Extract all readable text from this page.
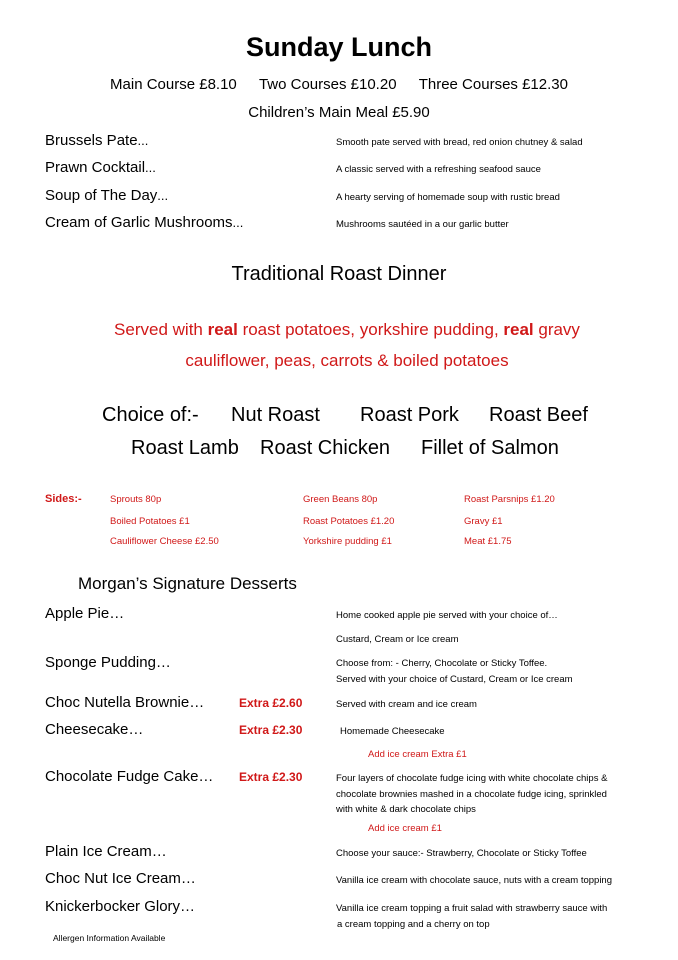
Sunday Lunch
Main Course £8.10 Two Courses £10.20 Three Courses £12.30
Children’s Main Meal £5.90
Brussels Pate...	Smooth pate served with bread, red onion chutney & salad
Prawn Cocktail...	A classic served with a refreshing seafood sauce
Soup of The Day...	A hearty serving of homemade soup with rustic bread
Cream of Garlic Mushrooms...	Mushrooms sautéed in a our garlic butter
Traditional Roast Dinner
Served with real roast potatoes, yorkshire pudding, real gravy
cauliflower, peas, carrots & boiled potatoes
Choice of:- Nut Roast Roast Pork Roast Beef
Roast Lamb Roast Chicken Fillet of Salmon
Sides:-	Sprouts 80p	Green Beans 80p	Roast Parsnips £1.20
Boiled Potatoes £1	Roast Potatoes £1.20	Gravy £1
Cauliflower Cheese £2.50	Yorkshire pudding £1	Meat £1.75
Morgan’s Signature Desserts
Apple Pie…	Home cooked apple pie served with your choice of…
Custard, Cream or Ice cream
Sponge Pudding…	Choose from: - Cherry, Chocolate or Sticky Toffee.
Served with your choice of Custard, Cream or Ice cream
Choc Nutella Brownie…	Extra £2.60	Served with cream and ice cream
Cheesecake…	Extra £2.30	Homemade Cheesecake
Add ice cream Extra £1
Chocolate Fudge Cake… Extra £2.30	Four layers of chocolate fudge icing with white chocolate chips &
chocolate brownies mashed in a chocolate fudge icing, sprinkled
with white & dark chocolate chips
Add ice cream £1
Plain Ice Cream…	Choose your sauce:- Strawberry, Chocolate or Sticky Toffee
Choc Nut Ice Cream…	Vanilla ice cream with chocolate sauce, nuts with a cream topping
Knickerbocker Glory…	Vanilla ice cream topping a fruit salad with strawberry sauce with
a cream topping and a cherry on top
Allergen Information Available
